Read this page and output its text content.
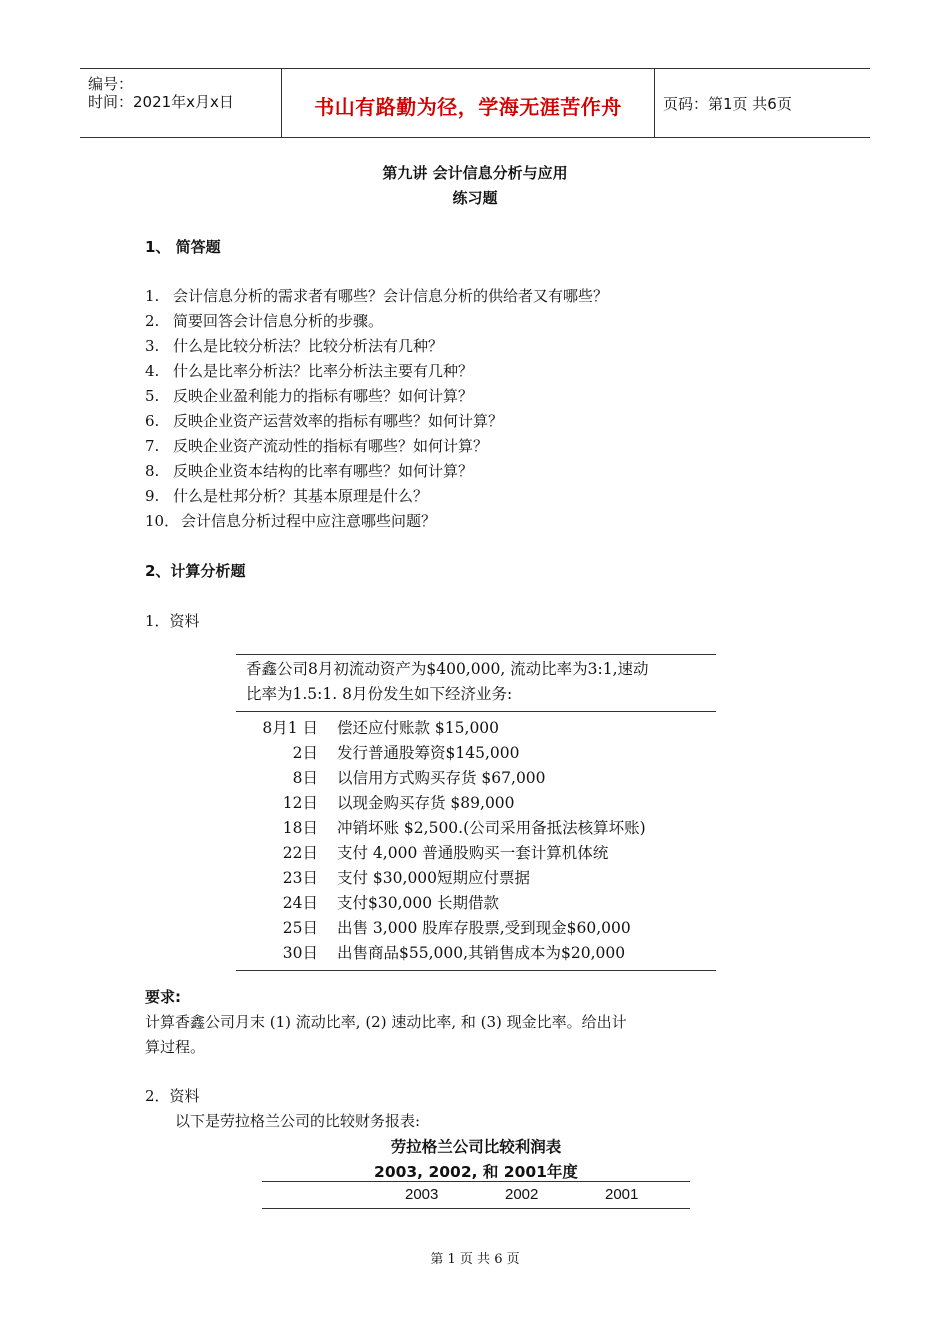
编号：
时间：2021年x月x日	书山有路勤为径，学海无涯苦作舟	页码：第1页 共6页
第九讲 会计信息分析与应用
练习题
1、 简答题
1. 会计信息分析的需求者有哪些？会计信息分析的供给者又有哪些？
2. 简要回答会计信息分析的步骤。
3. 什么是比较分析法？比较分析法有几种？
4. 什么是比率分析法？比率分析法主要有几种？
5. 反映企业盈利能力的指标有哪些？如何计算？
6. 反映企业资产运营效率的指标有哪些？如何计算？
7. 反映企业资产流动性的指标有哪些？如何计算？
8. 反映企业资本结构的比率有哪些？如何计算？
9. 什么是杜邦分析？其基本原理是什么？
10． 会计信息分析过程中应注意哪些问题？
2、计算分析题
1．资料
香鑫公司8月初流动资产为$400,000, 流动比率为3:1,速动
比率为1.5:1. 8月份发生如下经济业务:
8月1 日 偿还应付账款 $15,000
2日 发行普通股筹资$145,000
8日 以信用方式购买存货 $67,000
12日 以现金购买存货 $89,000
18日 冲销坏账 $2,500.(公司采用备抵法核算坏账)
22日 支付 4,000 普通股购买一套计算机体统
23日 支付 $30,000短期应付票据
24日 支付$30,000 长期借款
25日 出售 3,000 股库存股票,受到现金$60,000
30日 出售商品$55,000,其销售成本为$20,000
要求:
计算香鑫公司月末 (1) 流动比率, (2) 速动比率, 和 (3) 现金比率。给出计
算过程。
2．资料
以下是劳拉格兰公司的比较财务报表:
劳拉格兰公司比较利润表
2003, 2002, 和 2001年度
2003	2002	2001
第 1 页 共 6 页
